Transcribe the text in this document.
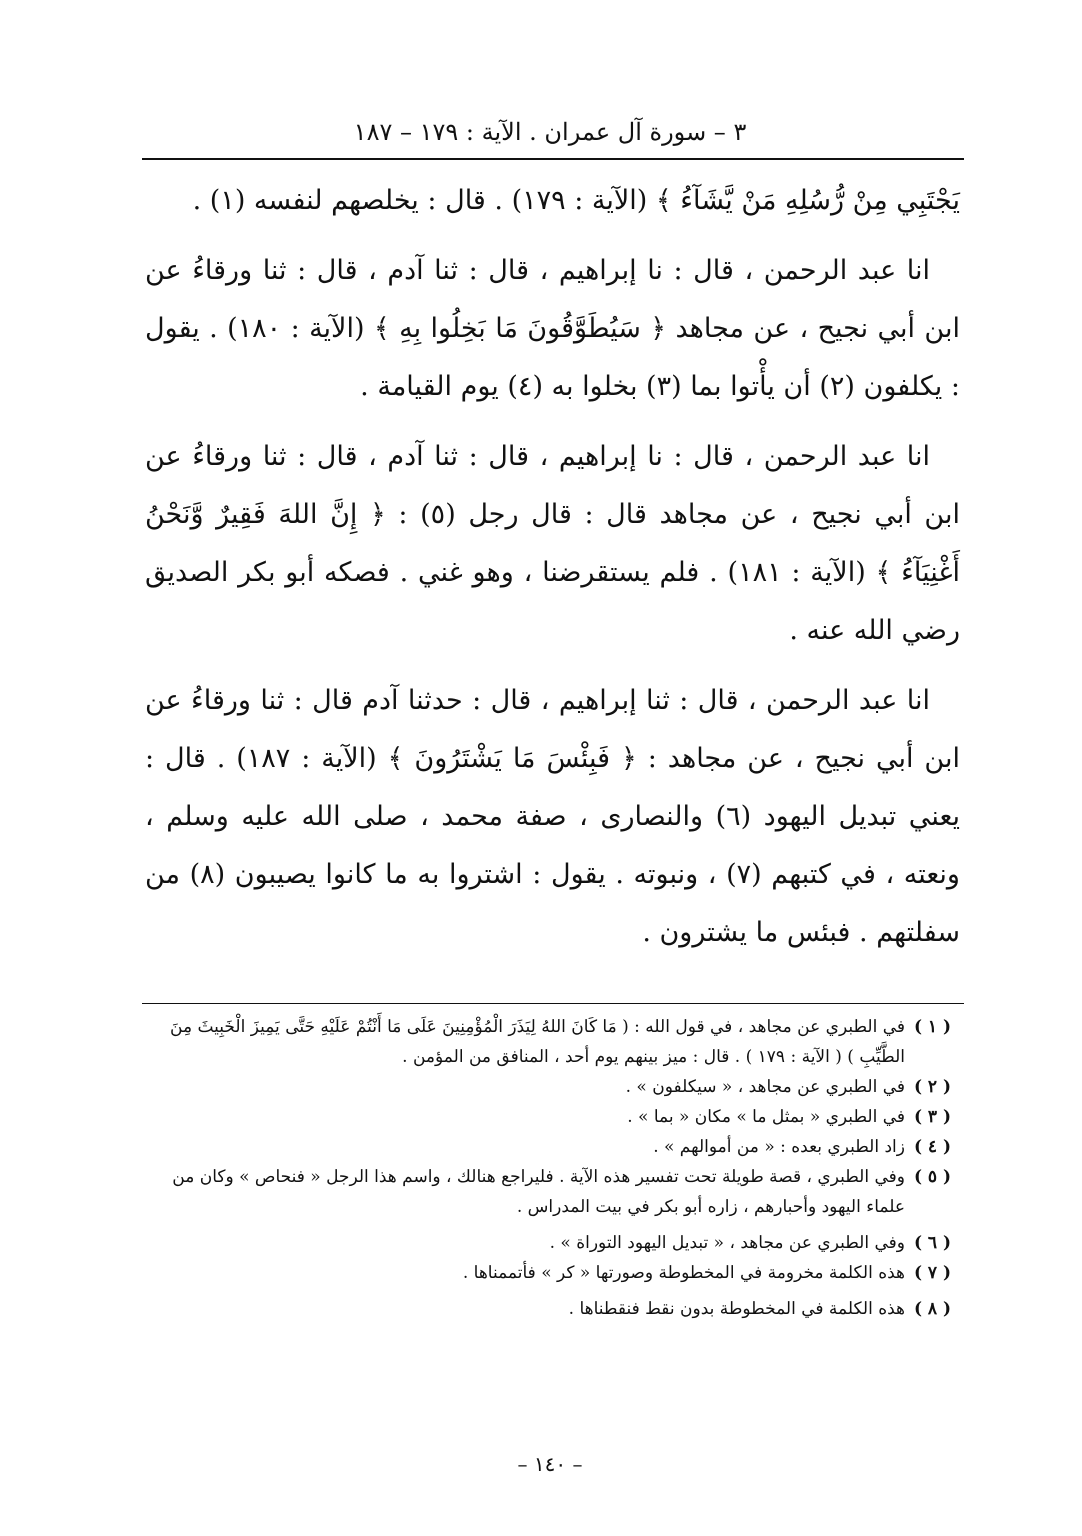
٣ – سورة آل عمران . الآية : ١٧٩ – ١٨٧

يَجْتَبِي مِنْ رُّسُلِهِ مَنْ يَّشَآءُ ﴾ (الآية : ١٧٩) . قال : يخلصهم لنفسه (١) .

انا عبد الرحمن ، قال : نا إبراهيم ، قال : ثنا آدم ، قال : ثنا ورقاءُ عن ابن أبي نجيح ، عن مجاهد ﴿ سَيُطَوَّقُونَ مَا بَخِلُوا بِهِ ﴾ (الآية : ١٨٠) . يقول : يكلفون (٢) أن يأْتوا بما (٣) بخلوا به (٤) يوم القيامة .

انا عبد الرحمن ، قال : نا إبراهيم ، قال : ثنا آدم ، قال : ثنا ورقاءُ عن ابن أبي نجيح ، عن مجاهد قال : قال رجل (٥) : ﴿ إِنَّ اللهَ فَقِيرٌ وَّنَحْنُ أَغْنِيَآءُ ﴾ (الآية : ١٨١) . فلم يستقرضنا ، وهو غني . فصكه أبو بكر الصديق رضي الله عنه .

انا عبد الرحمن ، قال : ثنا إبراهيم ، قال : حدثنا آدم قال : ثنا ورقاءُ عن ابن أبي نجيح ، عن مجاهد : ﴿ فَبِئْسَ مَا يَشْتَرُونَ ﴾ (الآية : ١٨٧) . قال : يعني تبديل اليهود (٦) والنصارى ، صفة محمد ، صلى الله عليه وسلم ، ونعته ، في كتبهم (٧) ، ونبوته . يقول : اشتروا به ما كانوا يصيبون (٨) من سفلتهم . فبئس ما يشترون .

( ١ )
في الطبري عن مجاهد ، في قول الله : ( مَا كَانَ اللهُ لِيَذَرَ الْمُؤْمِنِينَ عَلَى مَا أَنْتُمْ عَلَيْهِ حَتَّى يَمِيزَ الْخَبِيثَ مِنَ الطَّيِّبِ ) ( الآية : ١٧٩ ) . قال : ميز بينهم يوم أحد ، المنافق من المؤمن .
( ٢ )
في الطبري عن مجاهد ، « سيكلفون » .
( ٣ )
في الطبري « بمثل ما » مكان « بما » .
( ٤ )
زاد الطبري بعده : « من أموالهم » .
( ٥ )
وفي الطبري ، قصة طويلة تحت تفسير هذه الآية . فليراجع هنالك ، واسم هذا الرجل « فنحاص » وكان من علماء اليهود وأحبارهم ، زاره أبو بكر في بيت المدراس .
( ٦ )
وفي الطبري عن مجاهد ، « تبديل اليهود التوراة » .
( ٧ )
هذه الكلمة مخرومة في المخطوطة وصورتها « كر » فأتممناها .
( ٨ )
هذه الكلمة في المخطوطة بدون نقط فنقطناها .
– ١٤٠ –
